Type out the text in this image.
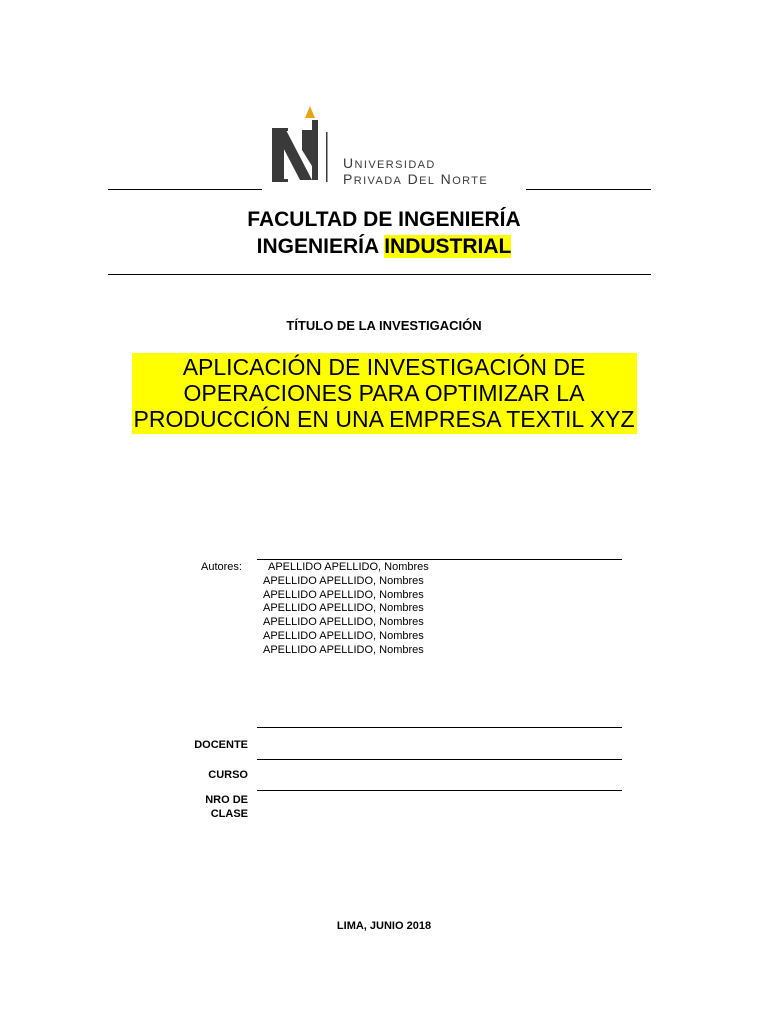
UNIVERSIDAD
PRIVADA DEL NORTE
FACULTAD DE INGENIERÍA
INGENIERÍA INDUSTRIAL
TÍTULO DE LA INVESTIGACIÓN
APLICACIÓN DE INVESTIGACIÓN DE
OPERACIONES PARA OPTIMIZAR LA
PRODUCCIÓN EN UNA EMPRESA TEXTIL XYZ
Autores:	APELLIDO APELLIDO, Nombres
APELLIDO APELLIDO, Nombres
APELLIDO APELLIDO, Nombres
APELLIDO APELLIDO, Nombres
APELLIDO APELLIDO, Nombres
APELLIDO APELLIDO, Nombres
APELLIDO APELLIDO, Nombres
DOCENTE
CURSO
NRO DE
CLASE
LIMA, JUNIO 2018
